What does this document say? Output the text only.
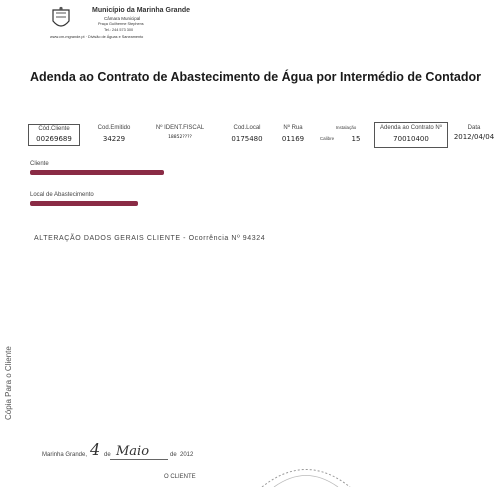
Município da Marinha Grande
Câmara Municipal
Praça Guilherme Stephens
Tel.: 244 573 300
www.cm-mgrande.pt · Divisão de Águas e Saneamento
Adenda ao Contrato de Abastecimento de Água por Intermédio de Contador
Cód.Cliente
00269689
Cod.Emitido
34229
Nº IDENT.FISCAL
18852????
Cod.Local
0175480
Nº Rua
01169
Instalação
Calibre	15
Adenda ao Contrato Nº
70010400
Data
2012/04/04
Cliente
Local de Abastecimento
ALTERAÇÃO DADOS GERAIS CLIENTE - Ocorrência Nº 94324
Cópia Para o Cliente
Marinha Grande, 4 de Maio	de 2012
O CLIENTE
